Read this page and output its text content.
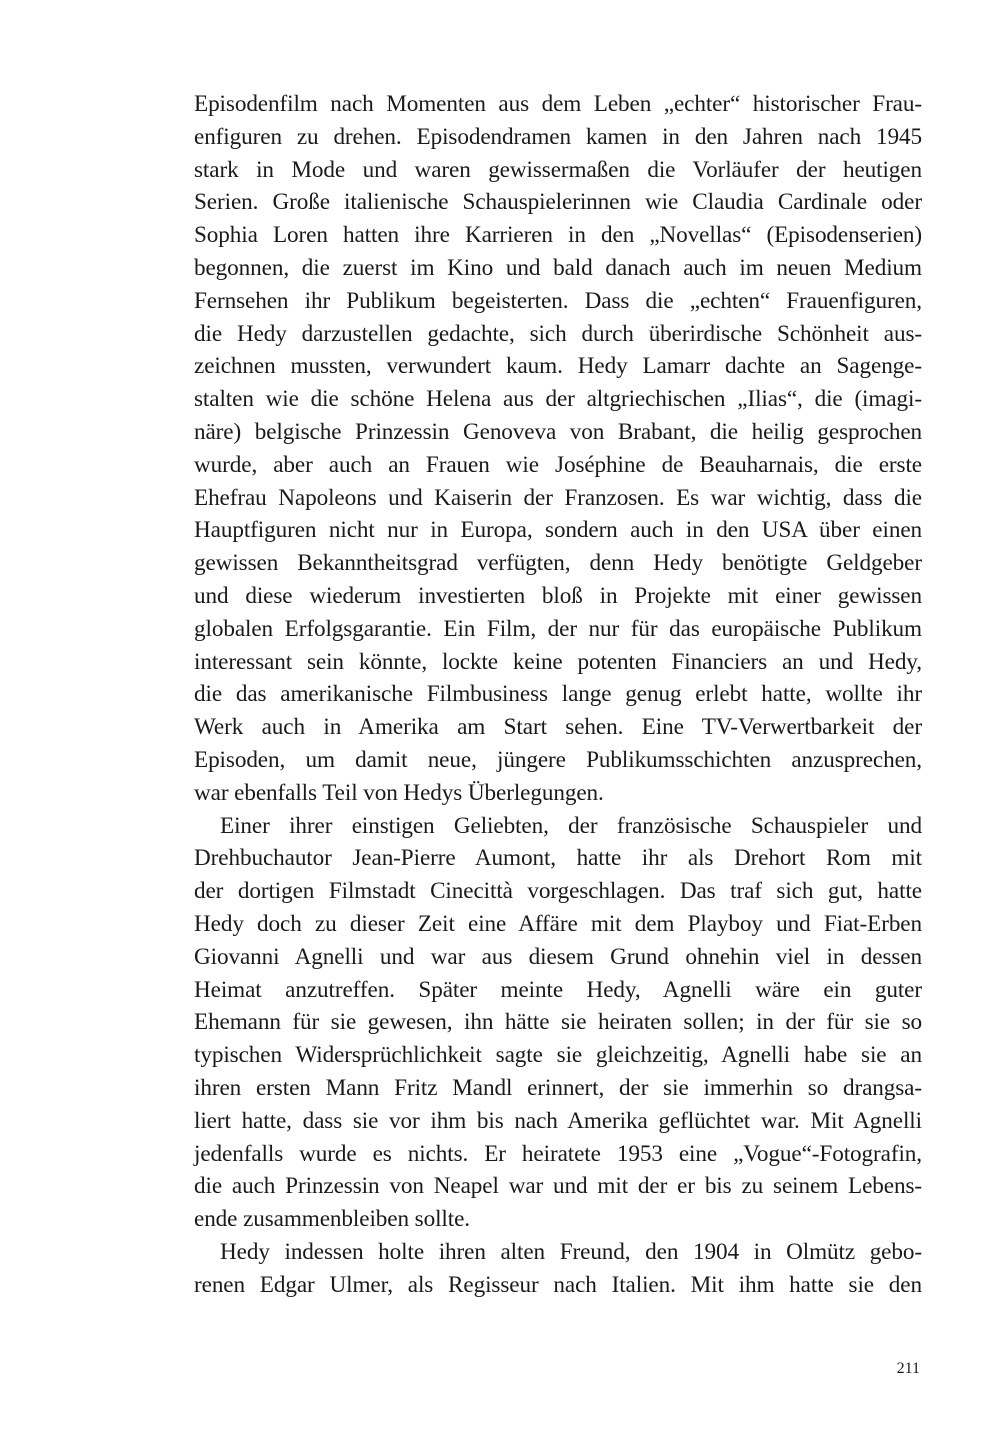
Episodenfilm nach Momenten aus dem Leben „echter“ historischer Frau-
enfiguren zu drehen. Episodendramen kamen in den Jahren nach 1945
stark in Mode und waren gewissermaßen die Vorläufer der heutigen
Serien. Große italienische Schauspielerinnen wie Claudia Cardinale oder
Sophia Loren hatten ihre Karrieren in den „Novellas“ (Episodenserien)
begonnen, die zuerst im Kino und bald danach auch im neuen Medium
Fernsehen ihr Publikum begeisterten. Dass die „echten“ Frauenfiguren,
die Hedy darzustellen gedachte, sich durch überirdische Schönheit aus-
zeichnen mussten, verwundert kaum. Hedy Lamarr dachte an Sagenge-
stalten wie die schöne Helena aus der altgriechischen „Ilias“, die (imagi-
näre) belgische Prinzessin Genoveva von Brabant, die heilig gesprochen
wurde, aber auch an Frauen wie Joséphine de Beauharnais, die erste
Ehefrau Napoleons und Kaiserin der Franzosen. Es war wichtig, dass die
Hauptfiguren nicht nur in Europa, sondern auch in den USA über einen
gewissen Bekanntheitsgrad verfügten, denn Hedy benötigte Geldgeber
und diese wiederum investierten bloß in Projekte mit einer gewissen
globalen Erfolgsgarantie. Ein Film, der nur für das europäische Publikum
interessant sein könnte, lockte keine potenten Financiers an und Hedy,
die das amerikanische Filmbusiness lange genug erlebt hatte, wollte ihr
Werk auch in Amerika am Start sehen. Eine TV-Verwertbarkeit der
Episoden, um damit neue, jüngere Publikumsschichten anzusprechen,
war ebenfalls Teil von Hedys Überlegungen.
Einer ihrer einstigen Geliebten, der französische Schauspieler und
Drehbuchautor Jean-Pierre Aumont, hatte ihr als Drehort Rom mit
der dortigen Filmstadt Cinecittà vorgeschlagen. Das traf sich gut, hatte
Hedy doch zu dieser Zeit eine Affäre mit dem Playboy und Fiat-Erben
Giovanni Agnelli und war aus diesem Grund ohnehin viel in dessen
Heimat anzutreffen. Später meinte Hedy, Agnelli wäre ein guter
Ehemann für sie gewesen, ihn hätte sie heiraten sollen; in der für sie so
typischen Widersprüchlichkeit sagte sie gleichzeitig, Agnelli habe sie an
ihren ersten Mann Fritz Mandl erinnert, der sie immerhin so drangsa-
liert hatte, dass sie vor ihm bis nach Amerika geflüchtet war. Mit Agnelli
jedenfalls wurde es nichts. Er heiratete 1953 eine „Vogue“-Fotografin,
die auch Prinzessin von Neapel war und mit der er bis zu seinem Lebens-
ende zusammenbleiben sollte.
Hedy indessen holte ihren alten Freund, den 1904 in Olmütz gebo-
renen Edgar Ulmer, als Regisseur nach Italien. Mit ihm hatte sie den
211
